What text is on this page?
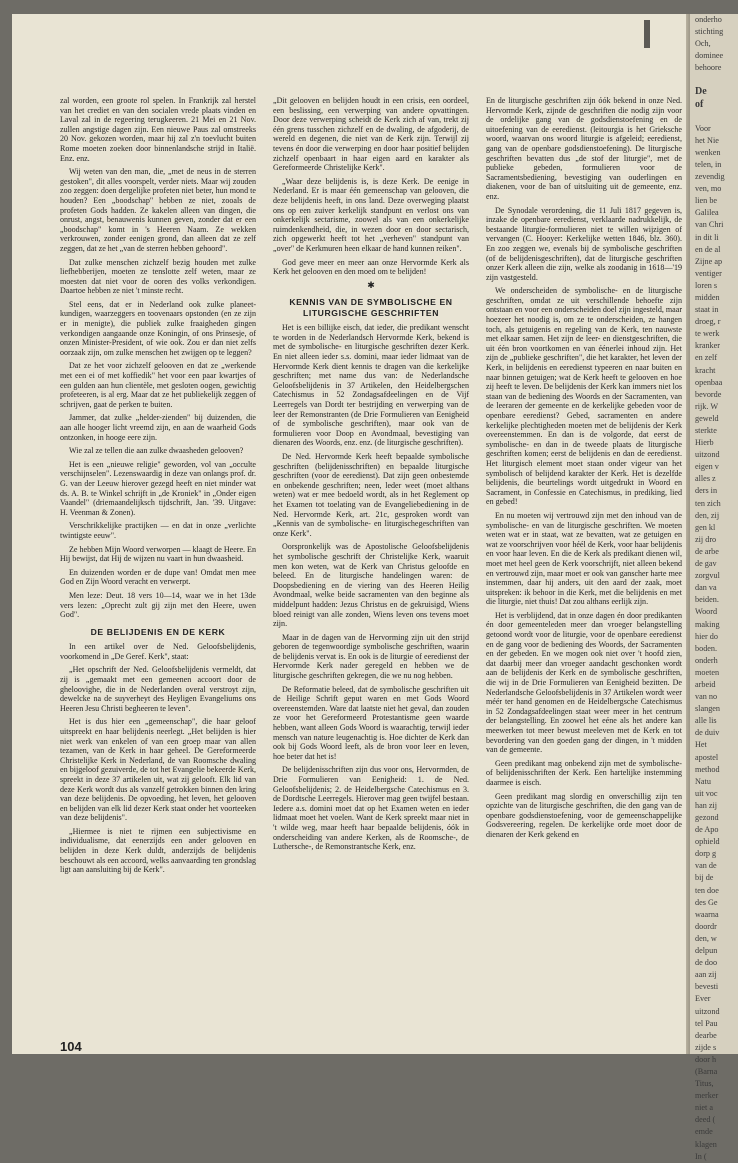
zal worden, een groote rol spelen. In Frankrijk zal herstel van het crediet en van den socialen vrede plaats vinden en Laval zal in de regeering terugkeeren. 21 Mei en 21 Nov. zullen angstige dagen zijn. Een nieuwe Paus zal omstreeks 20 Nov. gekozen worden, maar hij zal z'n toevlucht buiten Rome moeten zoeken door binnenlandsche strijd in Italië. Enz. enz.

Wij weten van den man, die, „met de neus in de sterren gestoken", dit alles voorspelt, verder niets. Maar wij zouden zoo zeggen: doen dergelijke profeten niet beter, hun mond te houden? Een „boodschap" hebben ze niet, zooals de profeten Gods hadden. Ze kakelen alleen van dingen, die onrust, angst, benauwenis kunnen geven, zonder dat er een „boodschap" komt in 's Heeren Naam. Ze wekken verkrouwen, zonder eenigen grond, dan alleen dat ze zelf zeggen, dat ze het „van de sterren hebben gehoord".

Dat zulke menschen zichzelf bezig houden met zulke liefhebberijen, moeten ze tenslotte zelf weten, maar ze moesten dat niet voor de ooren des volks verkondigen. Daartoe hebben ze niet 't minste recht.

Stel eens, dat er in Nederland ook zulke planeet-kundigen, waarzeggers en toovenaars opstonden (en ze zijn er in menigte), die publiek zulke fraaigheden gingen verkondigen aangaande onze Koningin, of ons Prinsesje, of onzen Minister-President, of wie ook. Zou er dan niet zelfs oorzaak zijn, om zulke menschen het zwijgen op te leggen?

Dat ze het voor zichzelf gelooven en dat ze „werkende met een ei of met koffiedik" het voor een paar kwartjes of een gulden aan hun clientèle, met gesloten oogen, gewichtig profeteeren, is al erg. Maar dat ze het publiekelijk zeggen of schrijven, gaat de perken te buiten.

Jammer, dat zulke „helder-zienden" bij duizenden, die aan alle hooger licht vreemd zijn, en aan de waarheid Gods ontzonken, in hooge eere zijn.

Wie zal ze tellen die aan zulke dwaasheden gelooven?

Het is een „nieuwe religie" geworden, vol van „occulte verschijnselen". Lezenswaardig in deze van onlangs prof. dr. G. van der Leeuw hierover gezegd heeft en niet minder wat ds. A. B. te Winkel schrijft in „de Kroniek" in „Onder eigen Vaandel" (driemaandelijksch tijdschrift, Jan. '39. Uitgave: H. Veenman & Zonen).

Verschrikkelijke practijken — en dat in onze „verlichte twintigste eeuw".

Ze hebben Mijn Woord verworpen — klaagt de Heere. En Hij bewijst, dat Hij de wijzen nu vaart in hun dwaasheid.

En duizenden worden er de dupe van! Omdat men mee God en Zijn Woord veracht en verwerpt.

Men leze: Deut. 18 vers 10—14, waar we in het 13de vers lezen: „Oprecht zult gij zijn met den Heere, uwen God".

DE BELIJDENIS EN DE KERK

In een artikel over de Ned. Geloofsbelijdenis, voorkomend in „De Geref. Kerk", staat:

„Het opschrift der Ned. Geloofsbelijdenis vermeldt, dat zij is „gemaakt met een gemeenen accoort door de gheloovighe, die in de Nederlanden overal verstroyt zijn, dewelcke na de suyverheyt des Heyligen Evangeliums ons Heeren Jesu Christi begheeren te leven".

Het is dus hier een „gemeenschap", die haar geloof uitspreekt en haar belijdenis neerlegt. „Het belijden is hier niet werk van enkelen of van een groep maar van allen tezamen, van de Kerk in haar geheel. De Gereformeerde Christelijke Kerk in Nederland, de van Roomsche dwaling en bijgeloof gezuiverde, de tot het Evangelie bekeerde Kerk, spreekt in deze 37 artikelen uit, wat zij gelooft. Elk lid van deze Kerk wordt dus als vanzelf getrokken binnen den kring van deze belijdenis. De opvoeding, het leven, het gelooven en belijden van elk lid dezer Kerk staat onder het voorteeken van deze belijdenis".

„Hiermee is niet te rijmen een subjectivisme en individualisme, dat eenerzijds een ander gelooven en belijden in deze Kerk duldt, anderzijds de belijdenis beschouwt als een accoord, welks aanvaarding ten grondslag ligt aan aansluiting bij de Kerk".

„Dit gelooven en belijden houdt in een crisis, een oordeel, een beslissing, een verwerping van andere opvattingen. Door deze verwerping scheidt de Kerk zich af van, trekt zij één grens tusschen zichzelf en de dwaling, de afgoderij, de wereld en degenen, die niet van de Kerk zijn. Terwijl zij tevens én door die verwerping en door haar positief belijden zichzelf openbaart in haar eigen aard en karakter als Gereformeerde Christelijke Kerk".

„Waar deze belijdenis is, is deze Kerk. De eenige in Nederland. Er is maar één gemeenschap van gelooven, die deze belijdenis heeft, in ons land. Deze overweging plaatst ons op een zuiver kerkelijk standpunt en verlost ons van onkerkelijk sectarisme, zoowel als van een onkerkelijke ruimdenkendheid, die, in wezen door en door sectarisch, zich opgewerkt heeft tot het „verheven" standpunt van „over" de Kerkmuren heen elkaar de hand kunnen reiken".

God geve meer en meer aan onze Hervormde Kerk als Kerk het gelooven en den moed om te belijden!

✱
KENNIS VAN DE SYMBOLISCHE EN LITURGISCHE GESCHRIFTEN

Het is een billijke eisch, dat ieder, die predikant wenscht te worden in de Nederlandsch Hervormde Kerk, bekend is met de symbolische- en liturgische geschriften dezer Kerk. En niet alleen ieder s.s. domini, maar ieder lidmaat van de Hervormde Kerk dient kennis te dragen van die kerkelijke geschriften; met name dus van: de Nederlandsche Geloofsbelijdenis in 37 Artikelen, den Heidelbergschen Catechismus in 52 Zondagsafdeelingen en de Vijf Leerregels van Dordt ter bestrijding en verwerping van de leer der Remonstranten (de Drie Formulieren van Eenigheid of de symbolische geschriften), maar ook van de formulieren voor Doop en Avondmaal, bevestiging van dienaren des Woords, enz. enz. (de liturgische geschriften).

De Ned. Hervormde Kerk heeft bepaalde symbolische geschriften (belijdenisschriften) en bepaalde liturgische geschriften (voor de eeredienst). Dat zijn geen onbestemde en onbekende geschriften; neen, leder weet (moet althans weten) wat er mee bedoeld wordt, als in het Reglement op het Examen tot toelating van de Evangeliebediening in de Ned. Hervormde Kerk, art. 21c, gesproken wordt van „Kennis van de symbolische- en liturgischegeschriften van onze Kerk".

Oorspronkelijk was de Apostolische Geloofsbelijdenis het symbolische geschrift der Christelijke Kerk, waaruit men kon weten, wat de Kerk van Christus geloofde en beleed. En de liturgische handelingen waren: de Doopsbediening en de viering van des Heeren Heilig Avondmaal, welke beide sacramenten van den beginne als middelpunt hadden: Jezus Christus en de gekruisigd, Wiens bloed reinigt van alle zonden, Wiens leven ons tevens moet zijn.

Maar in de dagen van de Hervorming zijn uit den strijd geboren de tegenwoordige symbolische geschriften, waarin de belijdenis vervat is. En ook is de liturgie of eeredienst der Hervormde Kerk nader geregeld en hebben we de liturgische geschriften gekregen, die we nu nog hebben.

De Reformatie beleed, dat de symbolische geschriften uit de Heilige Schrift geput waren en met Gods Woord overeenstemden. Ware dat laatste niet het geval, dan zouden ze voor het Gereformeerd Protestantisme geen waarde hebben, want alleen Gods Woord is waarachtig, terwijl ieder mensch van nature leugenachtig is. Hoe dichter de Kerk dan ook bij Gods Woord leeft, als de bron voor leer en leven, hoe beter dat het is!

De belijdenisschriften zijn dus voor ons, Hervormden, de Drie Formulieren van Eenigheid: 1. de Ned. Geloofsbelijdenis; 2. de Heidelbergsche Catechismus en 3. de Dordtsche Leerregels. Hierover mag geen twijfel bestaan. Iedere a.s. domini moet dat op het Examen weten en ieder lidmaat moet het voelen. Want de Kerk spreekt maar niet in 't wilde weg, maar heeft haar bepaalde belijdenis, óók in onderscheiding van andere Kerken, als de Roomsche-, de Luthersche-, de Remonstrantsche Kerk, enz.

En de liturgische geschriften zijn óók bekend in onze Ned. Hervormde Kerk, zijnde de geschriften die nodig zijn voor de ordelijke gang van de godsdienstoefening en de uitoefening van de eeredienst. (leitourgia is het Grieksche woord, waarvan ons woord liturgie is afgeleid; eeredienst, gang van de openbare godsdienstoefening). De liturgische geschriften bevatten dus „de stof der liturgie", met de publieke gebeden, formulieren voor de Sacramentsbediening, bevestiging van ouderlingen en diakenen, voor de ban of uitsluiting uit de gemeente, enz. enz.

De Synodale verordening, die 11 Juli 1817 gegeven is, inzake de openbare eeredienst, verklaarde nadrukkelijk, de bestaande liturgie-formulieren niet te willen wijzigen of vervangen (C. Hooyer: Kerkelijke wetten 1846, blz. 360). En zoo zeggen we, evenals bij de symbolische geschriften (of de belijdenisgeschriften), dat de liturgische geschriften onzer Kerk alleen die zijn, welke als zoodanig in 1618—'19 zijn vastgesteld.

We onderscheiden de symbolische- en de liturgische geschriften, omdat ze uit verschillende behoefte zijn ontstaan en voor een onderscheiden doel zijn ingesteld, maar hoezeer het noodig is, om ze te onderscheiden, ze hangen toch, als getuigenis en regeling van de Kerk, ten nauwste met elkaar samen. Het zijn de leer- en dienstgeschriften, die uit één bron voortkomen en van éénerlei inhoud zijn. Het zijn de „publieke geschriften", die het karakter, het leven der Kerk, in belijdenis en eeredienst typeeren en naar buiten en naar binnen getuigen; wat de Kerk heeft te gelooven en hoe zij heeft te leven. De belijdenis der Kerk kan immers niet los staan van de bediening des Woords en der Sacramenten, van de leeraren der gemeente en de kerkelijke gebeden voor de openbare eeredienst? Gebed, sacramenten en andere kerkelijke plechtigheden moeten met de belijdenis der Kerk overeenstemmen. En dan is de volgorde, dat eerst de symbolische- en dan in de tweede plaats de liturgische geschriften komen; eerst de belijdenis en dan de eeredienst. Het liturgisch element moet staan onder vigeur van het symbolisch of belijdend karakter der Kerk. Het is dezelfde belijdenis, die beurtelings wordt uitgedrukt in Woord en Sacrament, in Confessie en Catechismus, in prediking, lied en gebed!

En nu moeten wij vertrouwd zijn met den inhoud van de symbolische- en van de liturgische geschriften. We moeten weten wat er in staat, wat ze bevatten, wat ze getuigen en wat ze voorschrijven voor héél de Kerk, voor haar belijdenis en voor haar leven. En die de Kerk als predikant dienen wil, moet met heel geen de Kerk voorschrijft, niet alleen bekend en vertrouwd zijn, maar moet er ook van ganscher harte mee instemmen, daar hij anders, uit den aard der zaak, moet uitspreken: ik behoor in die Kerk, met die belijdenis en met die liturgie, niet thuis! Dat zou althans eerlijk zijn.

Het is verblijdend, dat in onze dagen én door predikanten én door gemeenteleden meer dan vroeger belangstelling getoond wordt voor de liturgie, voor de openbare eeredienst en de gang voor de bediening des Woords, der Sacramenten en der gebeden. En we mogen ook niet over 't hoofd zien, dat daarbij meer dan vroeger aandacht geschonken wordt aan de belijdenis der Kerk en de symbolische geschriften, die wij in de Drie Formulieren van Eenigheid bezitten. De Nederlandsche Geloofsbelijdenis in 37 Artikelen wordt weer méér ter hand genomen en de Heidelbergsche Catechismus in 52 Zondagsafdeelingen staat weer meer in het centrum der belangstelling. En zoowel het eéne als het andere kan meewerken tot meer bewust meeleven met de Kerk en tot bevordering van den goeden gang der dingen, in 't midden van de gemeente.

Geen predikant mag onbekend zijn met de symbolische- of belijdenisschriften der Kerk. Een hartelijke instemming daarmee is eisch.

Geen predikant mag slordig en onverschillig zijn ten opzichte van de liturgische geschriften, die den gang van de openbare godsdienstoefening, voor de gemeenschappelijke Godsvereering, regelen. De kerkelijke orde moet door de dienaren der Kerk gekend en

104
onderho
stichting
Och,
dominee
behoore
De
of
Voor
het Nie
wenken
telen, in
zevendig
ven, mo
lien be
Galilea
van Chri
in dit li
en de al
Zijne ap
ventiger
loren s
midden
staat in
droeg, r
te werk
kranker
en zelf
kracht
openbaa
bevorde
rijk. W
geweld
sterkte
Hierb
uitzond
eigen v
alles z
ders in
ten zich
den, zij
gen kl
zij dro
de arbe
de gav
zorgvul
dan va
beiden.
Woord
making
hier do
boden.
onderh
moeten
arbeid
van no
slangen
alle lis
de duiv
Het
apostel
method
Natu
uit voc
han zij
gezond
de Apo
ophield
dorp g
van de
bij de
ten doe
des Ge
waarna
doordr
den, w
delpun
de doo
aan zij
bevesti
Ever
uitzond
tel Pau
dearbe
zijde s
door h
(Barna
Titus,
merker
niet a
deed (
emde
klagen
In (
